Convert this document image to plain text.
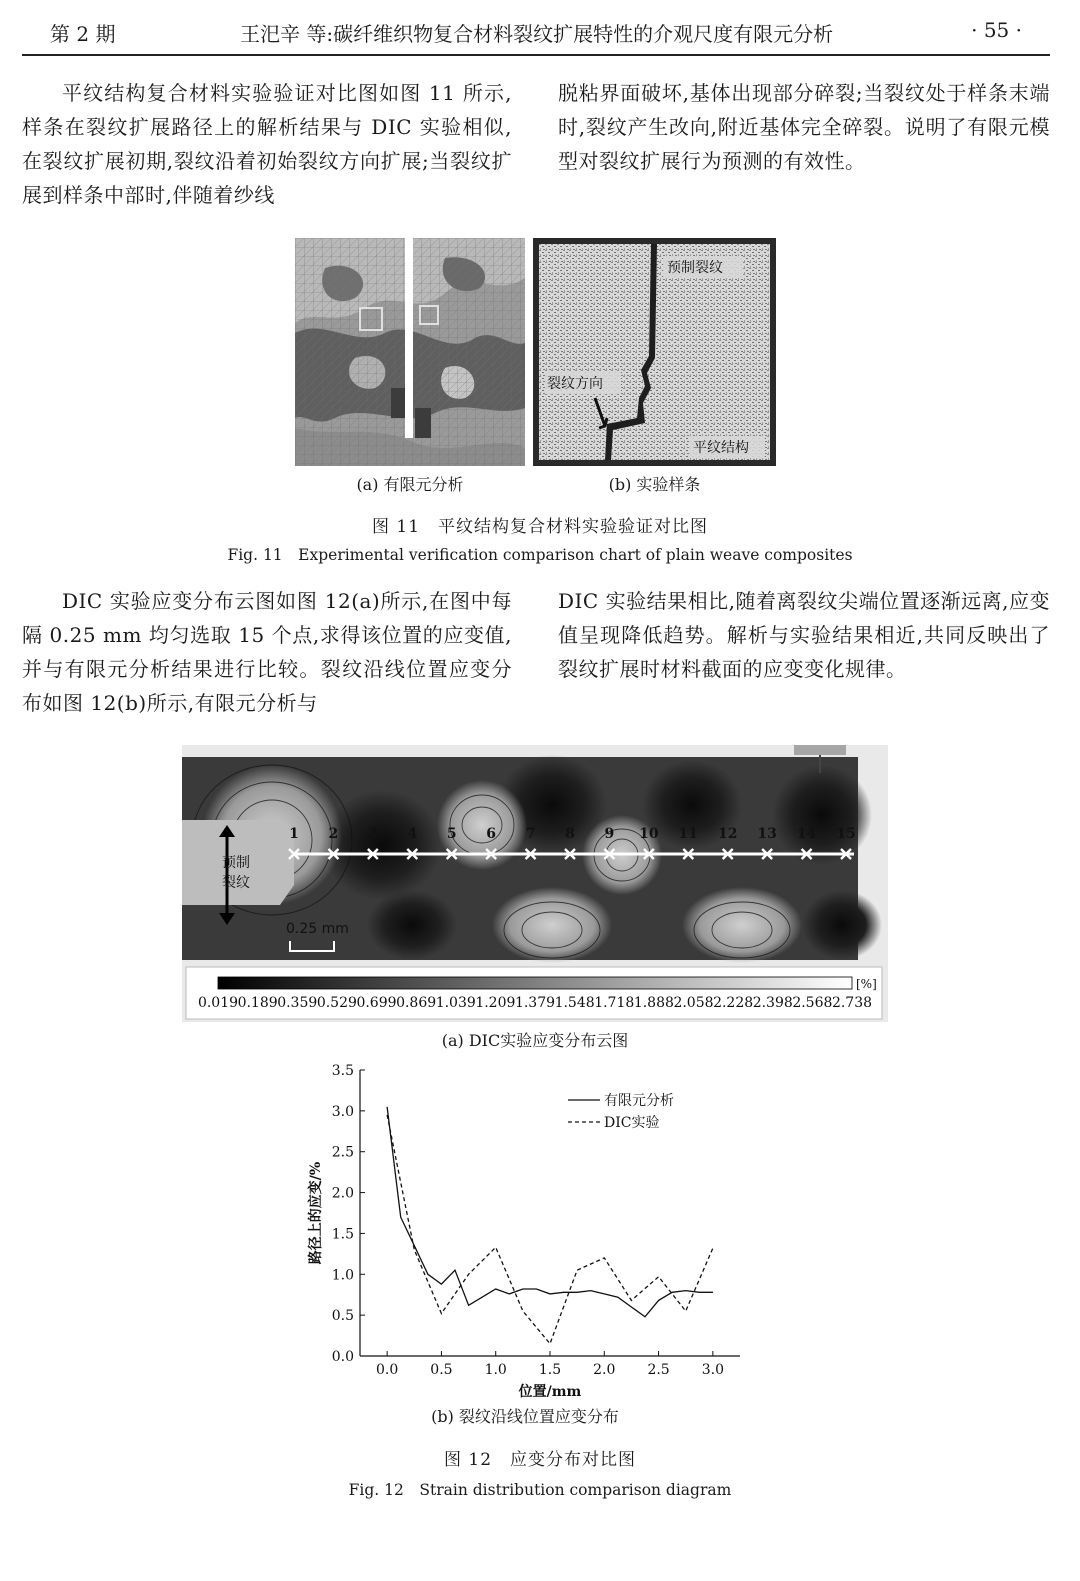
第 2 期	王汜辛 等:碳纤维织物复合材料裂纹扩展特性的介观尺度有限元分析	· 55 ·

平纹结构复合材料实验验证对比图如图 11 所示,样条在裂纹扩展路径上的解析结果与 DIC 实验相似,在裂纹扩展初期,裂纹沿着初始裂纹方向扩展;当裂纹扩展到样条中部时,伴随着纱线

脱粘界面破坏,基体出现部分碎裂;当裂纹处于样条末端时,裂纹产生改向,附近基体完全碎裂。说明了有限元模型对裂纹扩展行为预测的有效性。

预制裂纹
裂纹方向
平纹结构
(a) 有限元分析	(b) 实验样条
图 11　平纹结构复合材料实验验证对比图
Fig. 11　Experimental verification comparison chart of plain weave composites

DIC 实验应变分布云图如图 12(a)所示,在图中每隔 0.25 mm 均匀选取 15 个点,求得该位置的应变值,并与有限元分析结果进行比较。裂纹沿线位置应变分布如图 12(b)所示,有限元分析与

DIC 实验结果相比,随着离裂纹尖端位置逐渐远离,应变值呈现降低趋势。解析与实验结果相近,共同反映出了裂纹扩展时材料截面的应变变化规律。

预制
裂纹
0.25 mm
1 2 3 4 5 6 7 8 9 10 11 12 13 14 15
[%]
0.019 0.189 0.359 0.529 0.699 0.869 1.039 1.209 1.379 1.548 1.718 1.888 2.058 2.228 2.398 2.568 2.738
(a) DIC实验应变分布云图
0.0
0.5
1.0
1.5
2.0
2.5
3.0
3.5
0.0 0.5 1.0 1.5 2.0 2.5 3.0
位置/mm
路径上的应变/%
有限元分析
DIC实验
(b) 裂纹沿线位置应变分布
图 12　应变分布对比图
Fig. 12　Strain distribution comparison diagram
